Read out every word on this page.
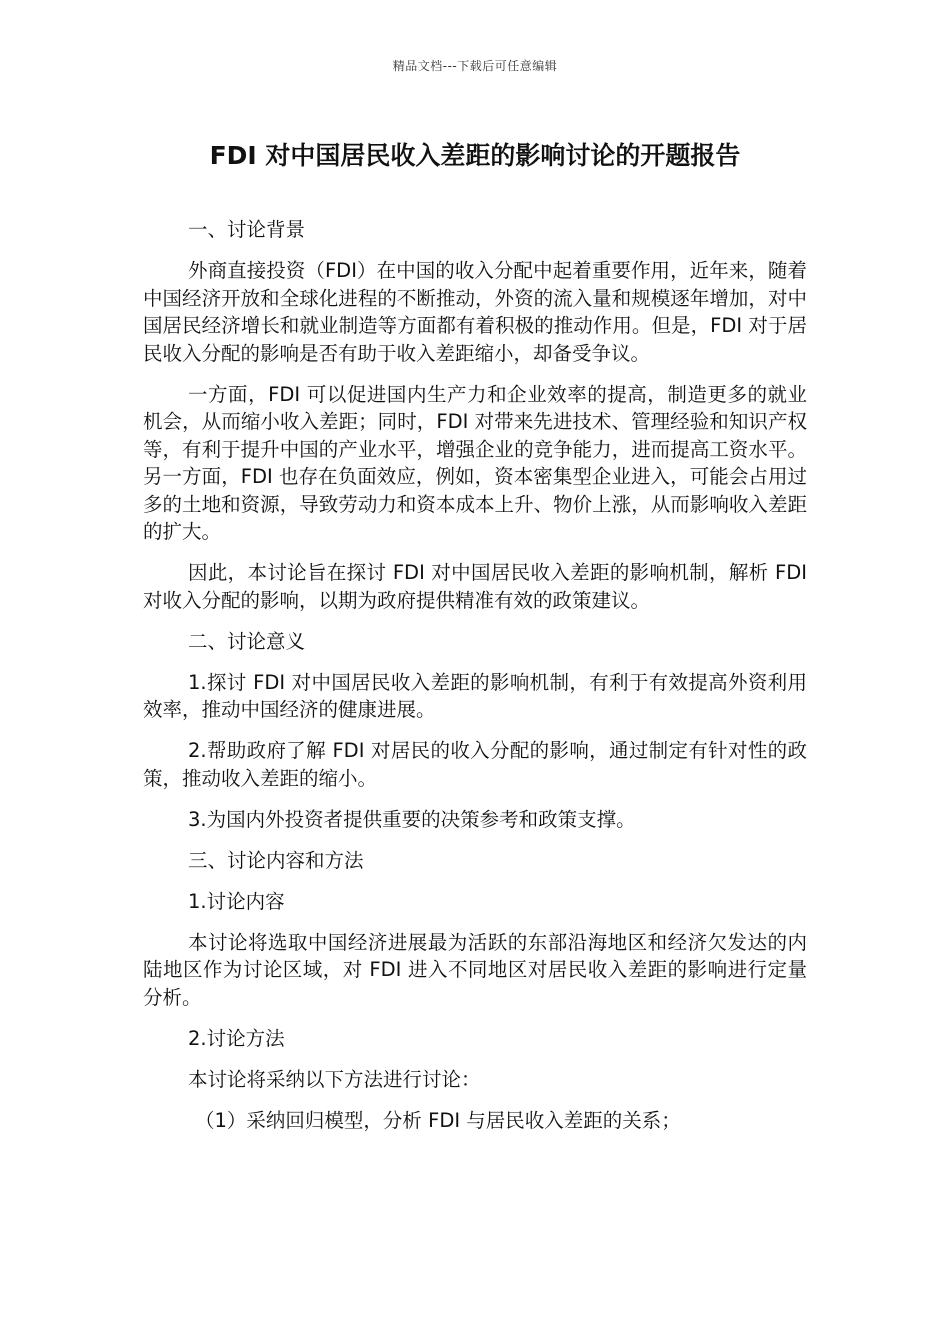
精品文档---下载后可任意编辑
FDI 对中国居民收入差距的影响讨论的开题报告

一、讨论背景

外商直接投资（FDI）在中国的收入分配中起着重要作用，近年来，随着中国经济开放和全球化进程的不断推动，外资的流入量和规模逐年增加，对中国居民经济增长和就业制造等方面都有着积极的推动作用。但是，FDI 对于居民收入分配的影响是否有助于收入差距缩小，却备受争议。

一方面，FDI 可以促进国内生产力和企业效率的提高，制造更多的就业机会，从而缩小收入差距；同时，FDI 对带来先进技术、管理经验和知识产权等，有利于提升中国的产业水平，增强企业的竞争能力，进而提高工资水平。另一方面，FDI 也存在负面效应，例如，资本密集型企业进入，可能会占用过多的土地和资源，导致劳动力和资本成本上升、物价上涨，从而影响收入差距的扩大。

因此，本讨论旨在探讨 FDI 对中国居民收入差距的影响机制，解析 FDI 对收入分配的影响，以期为政府提供精准有效的政策建议。

二、讨论意义

1.探讨 FDI 对中国居民收入差距的影响机制，有利于有效提高外资利用效率，推动中国经济的健康进展。

2.帮助政府了解 FDI 对居民的收入分配的影响，通过制定有针对性的政策，推动收入差距的缩小。

3.为国内外投资者提供重要的决策参考和政策支撑。

三、讨论内容和方法

1.讨论内容

本讨论将选取中国经济进展最为活跃的东部沿海地区和经济欠发达的内陆地区作为讨论区域，对 FDI 进入不同地区对居民收入差距的影响进行定量分析。

2.讨论方法

本讨论将采纳以下方法进行讨论：

（1）采纳回归模型，分析 FDI 与居民收入差距的关系；
